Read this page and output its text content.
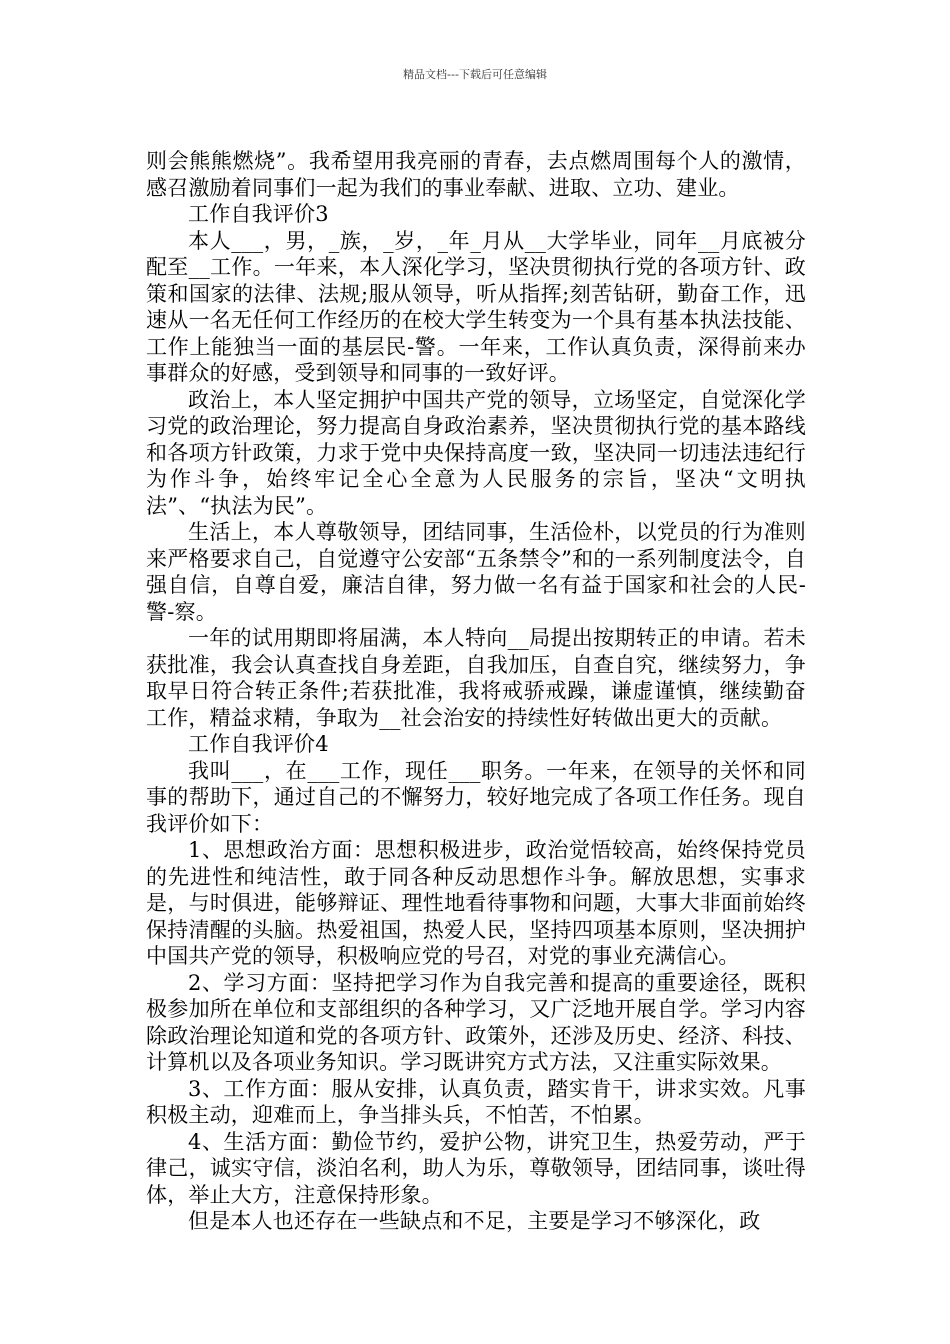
精品文档---下载后可任意编辑

则会熊熊燃烧”。我希望用我亮丽的青春，去点燃周围每个人的激情，感召激励着同事们一起为我们的事业奉献、进取、立功、建业。

工作自我评价3

本人___，男，_族，_岁，_年_月从__大学毕业，同年__月底被分配至__工作。一年来，本人深化学习，坚决贯彻执行党的各项方针、政策和国家的法律、法规;服从领导，听从指挥;刻苦钻研，勤奋工作，迅速从一名无任何工作经历的在校大学生转变为一个具有基本执法技能、工作上能独当一面的基层民-警。一年来，工作认真负责，深得前来办事群众的好感，受到领导和同事的一致好评。

政治上，本人坚定拥护中国共产党的领导，立场坚定，自觉深化学习党的政治理论，努力提高自身政治素养，坚决贯彻执行党的基本路线和各项方针政策，力求于党中央保持高度一致，坚决同一切违法违纪行为作斗争，始终牢记全心全意为人民服务的宗旨，坚决“文明执法”、“执法为民”。

生活上，本人尊敬领导，团结同事，生活俭朴，以党员的行为准则来严格要求自己，自觉遵守公安部“五条禁令”和的一系列制度法令，自强自信，自尊自爱，廉洁自律，努力做一名有益于国家和社会的人民-警-察。

一年的试用期即将届满，本人特向__局提出按期转正的申请。若未获批准，我会认真查找自身差距，自我加压，自查自究，继续努力，争取早日符合转正条件;若获批准，我将戒骄戒躁，谦虚谨慎，继续勤奋工作，精益求精，争取为__社会治安的持续性好转做出更大的贡献。

工作自我评价4

我叫___，在___工作，现任___职务。一年来，在领导的关怀和同事的帮助下，通过自己的不懈努力，较好地完成了各项工作任务。现自我评价如下：

1、思想政治方面：思想积极进步，政治觉悟较高，始终保持党员的先进性和纯洁性，敢于同各种反动思想作斗争。解放思想，实事求是，与时俱进，能够辩证、理性地看待事物和问题，大事大非面前始终保持清醒的头脑。热爱祖国，热爱人民，坚持四项基本原则，坚决拥护中国共产党的领导，积极响应党的号召，对党的事业充满信心。

2、学习方面：坚持把学习作为自我完善和提高的重要途径，既积极参加所在单位和支部组织的各种学习，又广泛地开展自学。学习内容除政治理论知道和党的各项方针、政策外，还涉及历史、经济、科技、计算机以及各项业务知识。学习既讲究方式方法，又注重实际效果。

3、工作方面：服从安排，认真负责，踏实肯干，讲求实效。凡事积极主动，迎难而上，争当排头兵，不怕苦，不怕累。

4、生活方面：勤俭节约，爱护公物，讲究卫生，热爱劳动，严于律己，诚实守信，淡泊名利，助人为乐，尊敬领导，团结同事，谈吐得体，举止大方，注意保持形象。

但是本人也还存在一些缺点和不足，主要是学习不够深化，政
